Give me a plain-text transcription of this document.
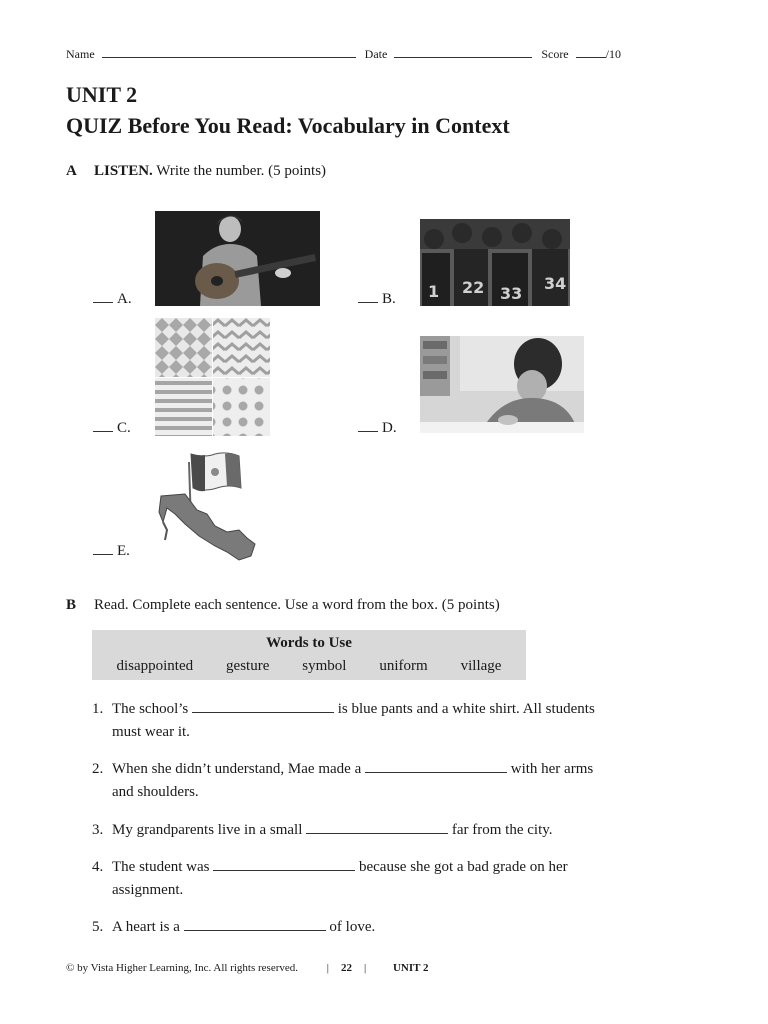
Name	Date	Score	/10
UNIT 2
QUIZ Before You Read: Vocabulary in Context
A LISTEN. Write the number. (5 points)
A.	1 22 33
34
B.
C.	D.
E.
B Read. Complete each sentence. Use a word from the box. (5 points)
Words to Use
disappointed gesture symbol uniform village
1. The school’s	is blue pants and a white shirt. All students
must wear it.
2. When she didn’t understand, Mae made a	with her arms
and shoulders.
3. My grandparents live in a small	far from the city.
4. The student was	because she got a bad grade on her
assignment.
5. A heart is a	of love.
© by Vista Higher Learning, Inc. All rights reserved.	| 22 | UNIT 2
